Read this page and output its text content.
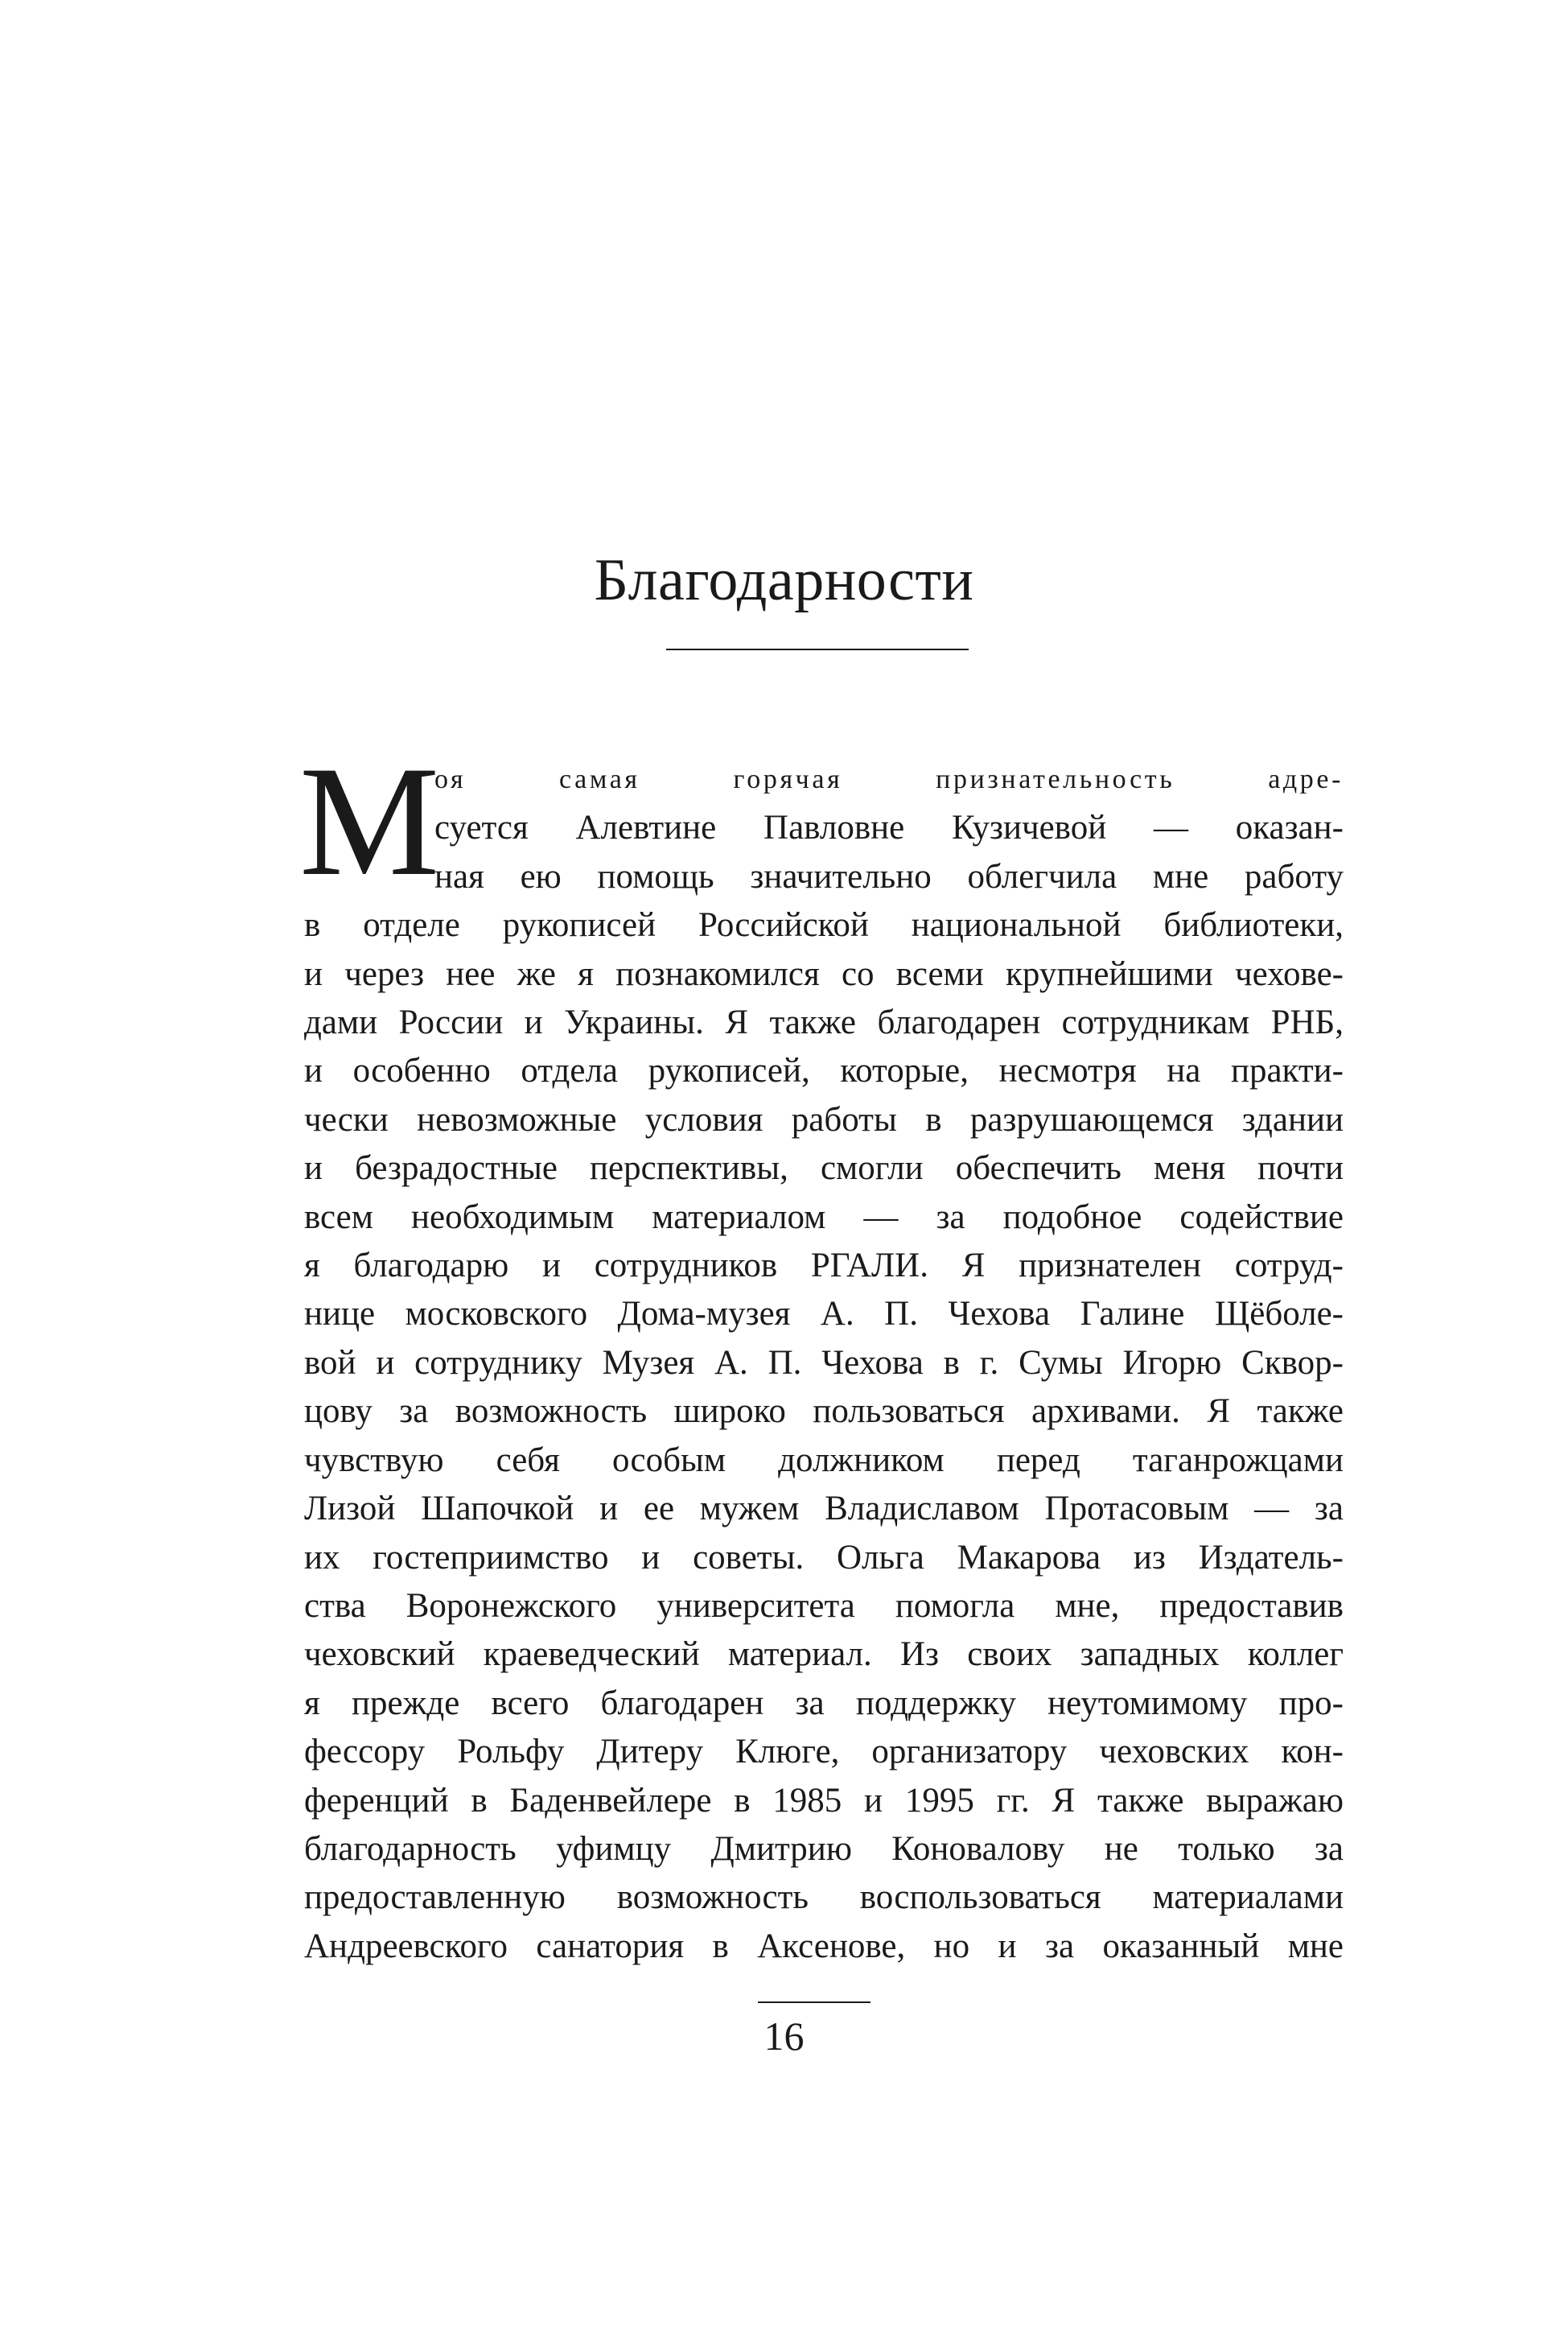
Благодарности
М
оя самая горячая признательность адре-
суется Алевтине Павловне Кузичевой — оказан-
ная ею помощь значительно облегчила мне работу
в отделе рукописей Российской национальной библиотеки,
и через нее же я познакомился со всеми крупнейшими чехове-
дами России и Украины. Я также благодарен сотрудникам РНБ,
и особенно отдела рукописей, которые, несмотря на практи-
чески невозможные условия работы в разрушающемся здании
и безрадостные перспективы, смогли обеспечить меня почти
всем необходимым материалом — за подобное содействие
я благодарю и сотрудников РГАЛИ. Я признателен сотруд-
нице московского Дома-музея А. П. Чехова Галине Щёболе-
вой и сотруднику Музея А. П. Чехова в г. Сумы Игорю Сквор-
цову за возможность широко пользоваться архивами. Я также
чувствую себя особым должником перед таганрожцами
Лизой Шапочкой и ее мужем Владиславом Протасовым — за
их гостеприимство и советы. Ольга Макарова из Издатель-
ства Воронежского университета помогла мне, предоставив
чеховский краеведческий материал. Из своих западных коллег
я прежде всего благодарен за поддержку неутомимому про-
фессору Рольфу Дитеру Клюге, организатору чеховских кон-
ференций в Баденвейлере в 1985 и 1995 гг. Я также выражаю
благодарность уфимцу Дмитрию Коновалову не только за
предоставленную возможность воспользоваться материалами
Андреевского санатория в Аксенове, но и за оказанный мне
16
